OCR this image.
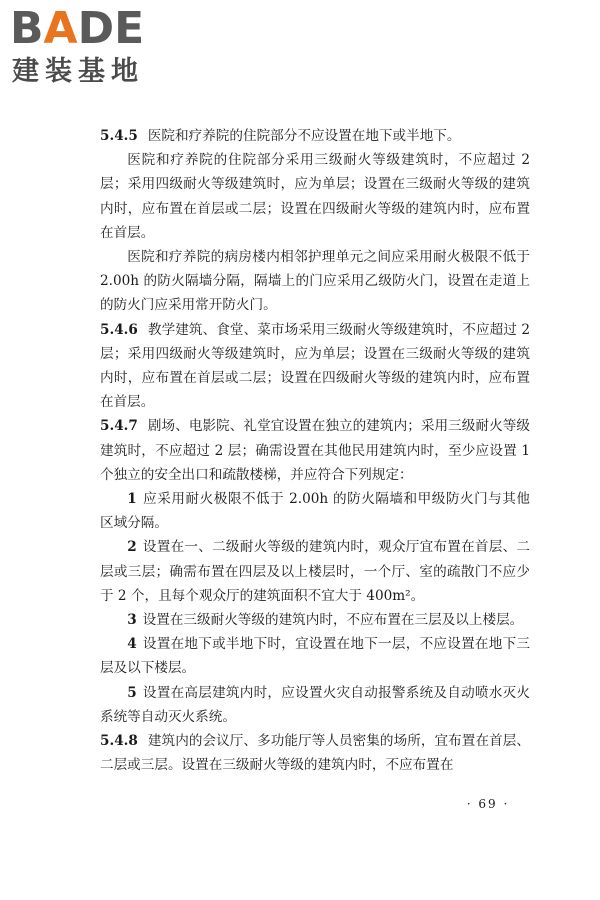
BADE
建装基地

5.4.5 医院和疗养院的住院部分不应设置在地下或半地下。

医院和疗养院的住院部分采用三级耐火等级建筑时，不应超过 2 层；采用四级耐火等级建筑时，应为单层；设置在三级耐火等级的建筑内时，应布置在首层或二层；设置在四级耐火等级的建筑内时，应布置在首层。

医院和疗养院的病房楼内相邻护理单元之间应采用耐火极限不低于 2.00h 的防火隔墙分隔，隔墙上的门应采用乙级防火门，设置在走道上的防火门应采用常开防火门。

5.4.6 教学建筑、食堂、菜市场采用三级耐火等级建筑时，不应超过 2 层；采用四级耐火等级建筑时，应为单层；设置在三级耐火等级的建筑内时，应布置在首层或二层；设置在四级耐火等级的建筑内时，应布置在首层。

5.4.7 剧场、电影院、礼堂宜设置在独立的建筑内；采用三级耐火等级建筑时，不应超过 2 层；确需设置在其他民用建筑内时，至少应设置 1 个独立的安全出口和疏散楼梯，并应符合下列规定：

1 应采用耐火极限不低于 2.00h 的防火隔墙和甲级防火门与其他区域分隔。

2 设置在一、二级耐火等级的建筑内时，观众厅宜布置在首层、二层或三层；确需布置在四层及以上楼层时，一个厅、室的疏散门不应少于 2 个，且每个观众厅的建筑面积不宜大于 400m²。

3 设置在三级耐火等级的建筑内时，不应布置在三层及以上楼层。

4 设置在地下或半地下时，宜设置在地下一层，不应设置在地下三层及以下楼层。

5 设置在高层建筑内时，应设置火灾自动报警系统及自动喷水灭火系统等自动灭火系统。

5.4.8 建筑内的会议厅、多功能厅等人员密集的场所，宜布置在首层、二层或三层。设置在三级耐火等级的建筑内时，不应布置在

· 69 ·
